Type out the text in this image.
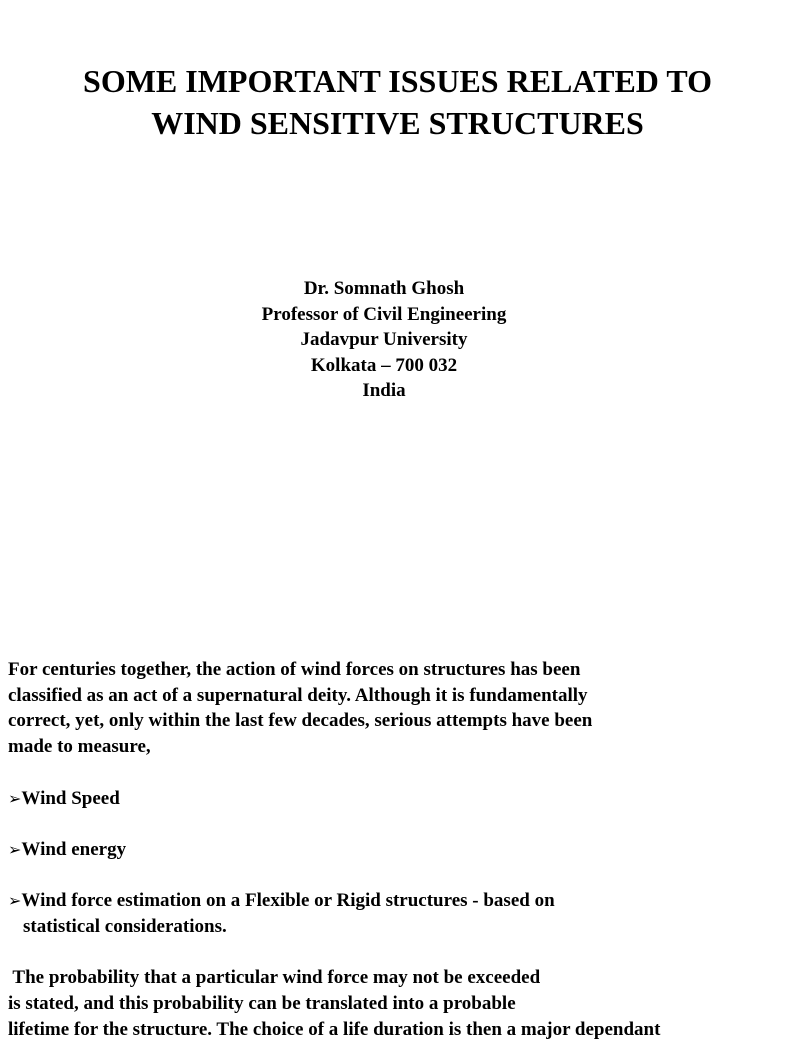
SOME IMPORTANT ISSUES RELATED TO
WIND SENSITIVE STRUCTURES
Dr. Somnath Ghosh
Professor of Civil Engineering
Jadavpur University
Kolkata – 700 032
India
For centuries together, the action of wind forces on structures has been
classified as an act of a supernatural deity. Although it is fundamentally
correct, yet, only within the last few decades, serious attempts have been
made to measure,
➢Wind Speed
➢Wind energy
➢Wind force estimation on a Flexible or Rigid structures - based on
statistical considerations.
The probability that a particular wind force may not be exceeded
is stated, and this probability can be translated into a probable
lifetime for the structure. The choice of a life duration is then a major dependant
